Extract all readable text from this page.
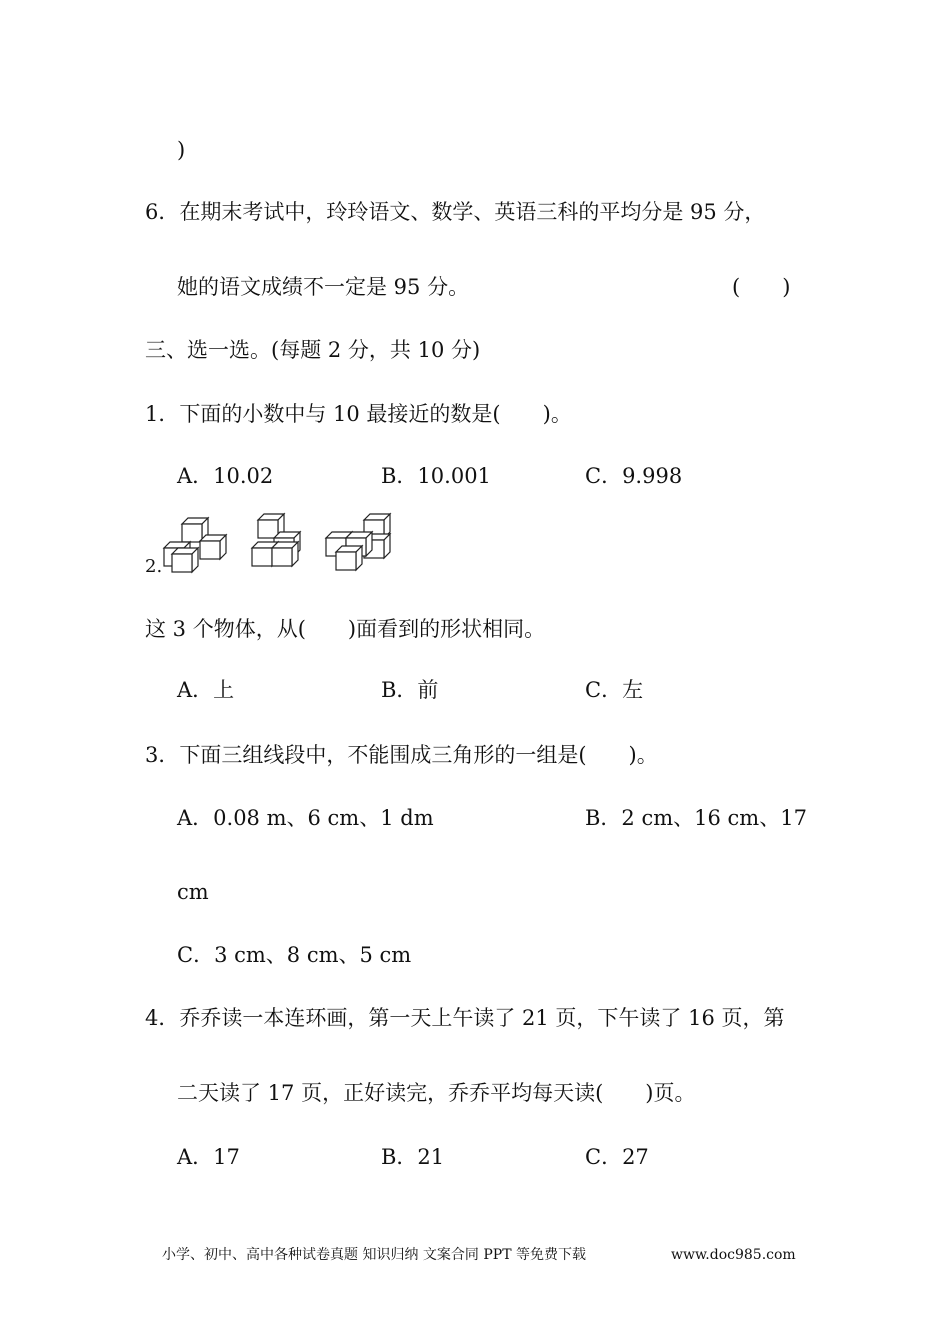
)
6．在期末考试中，玲玲语文、数学、英语三科的平均分是 95 分，
她的语文成绩不一定是 95 分。	(　　)
三、选一选。(每题 2 分，共 10 分)
1．下面的小数中与 10 最接近的数是(　　)。
A．10.02	B．10.001	C．9.998
2.
这 3 个物体，从(　　)面看到的形状相同。
A．上	B．前	C．左
3．下面三组线段中，不能围成三角形的一组是(　　)。
A．0.08 m、6 cm、1 dm	B．2 cm、16 cm、17
cm
C．3 cm、8 cm、5 cm
4．乔乔读一本连环画，第一天上午读了 21 页，下午读了 16 页，第
二天读了 17 页，正好读完，乔乔平均每天读(　　)页。
A．17	B．21	C．27
小学、初中、高中各种试卷真题 知识归纳 文案合同 PPT 等免费下载	www.doc985.com
